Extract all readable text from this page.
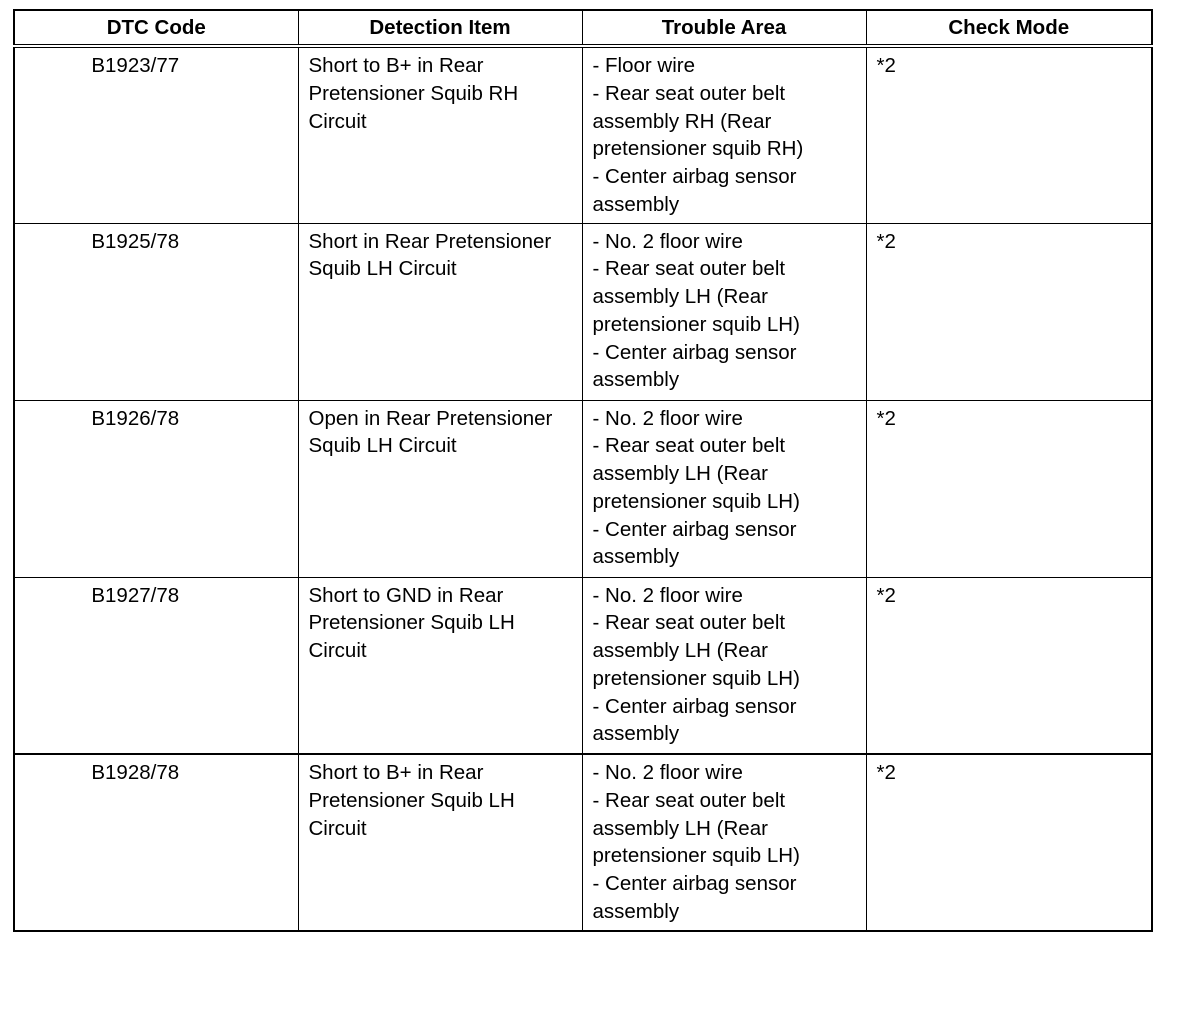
DTC Code	Detection Item	Trouble Area	Check Mode
B1923/77	Short to B+ in Rear Pretensioner Squib RH Circuit	- Floor wire
- Rear seat outer belt assembly RH (Rear pretensioner squib RH)
- Center airbag sensor assembly	*2
B1925/78	Short in Rear Pretensioner Squib LH Circuit	- No. 2 floor wire
- Rear seat outer belt assembly LH (Rear pretensioner squib LH)
- Center airbag sensor assembly	*2
B1926/78	Open in Rear Pretensioner Squib LH Circuit	- No. 2 floor wire
- Rear seat outer belt assembly LH (Rear pretensioner squib LH)
- Center airbag sensor assembly	*2
B1927/78	Short to GND in Rear Pretensioner Squib LH Circuit	- No. 2 floor wire
- Rear seat outer belt assembly LH (Rear pretensioner squib LH)
- Center airbag sensor assembly	*2
B1928/78	Short to B+ in Rear Pretensioner Squib LH Circuit	- No. 2 floor wire
- Rear seat outer belt assembly LH (Rear pretensioner squib LH)
- Center airbag sensor assembly	*2
